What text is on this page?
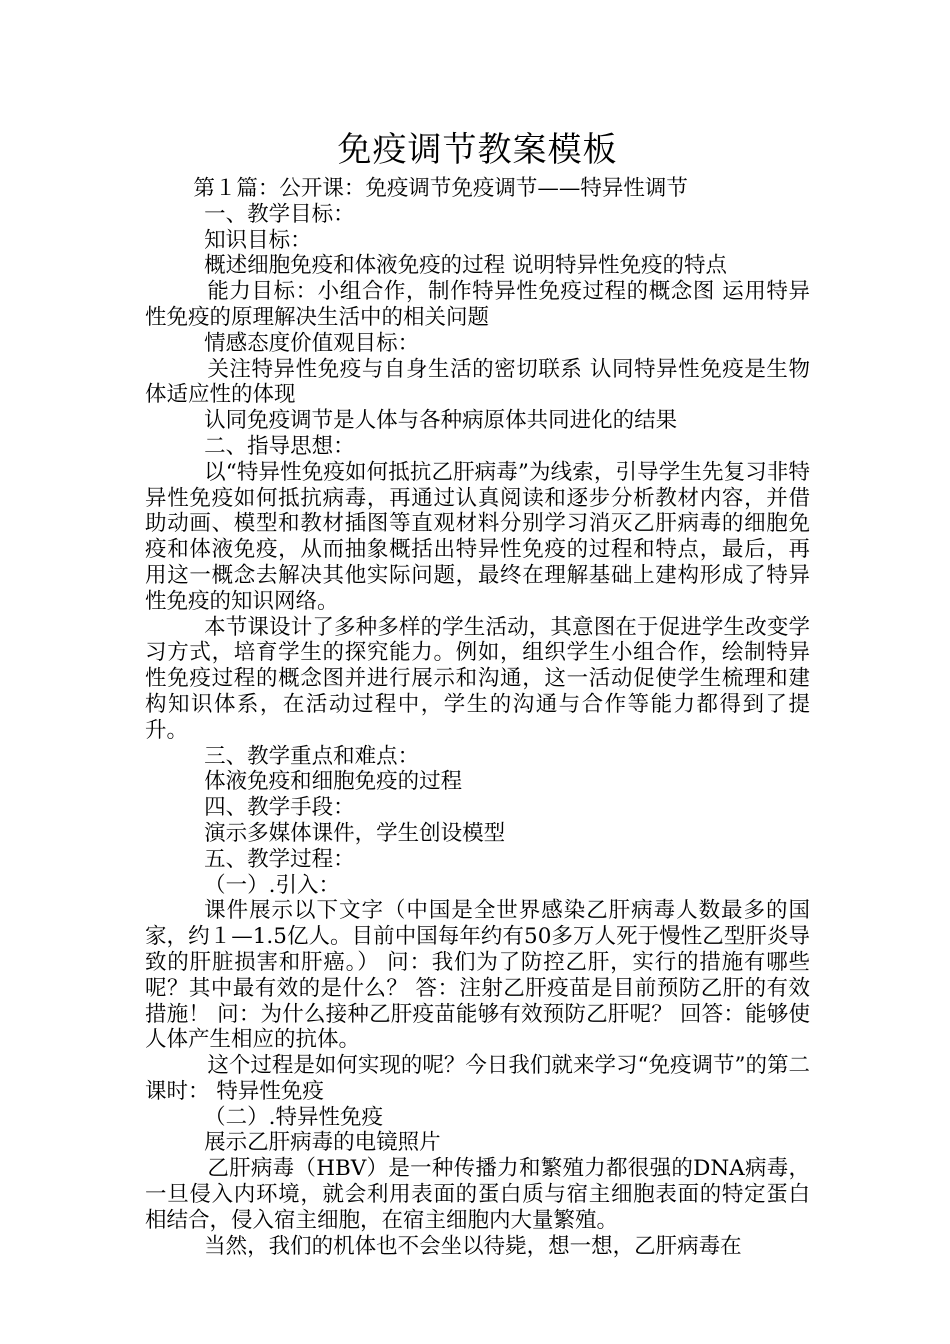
免疫调节教案模板

第１篇：公开课：免疫调节免疫调节——特异性调节

一、教学目标：

知识目标：

概述细胞免疫和体液免疫的过程 说明特异性免疫的特点

能力目标：小组合作，制作特异性免疫过程的概念图 运用特异性免疫的原理解决生活中的相关问题

情感态度价值观目标：

关注特异性免疫与自身生活的密切联系 认同特异性免疫是生物体适应性的体现

认同免疫调节是人体与各种病原体共同进化的结果

二、指导思想：

以“特异性免疫如何抵抗乙肝病毒”为线索，引导学生先复习非特异性免疫如何抵抗病毒，再通过认真阅读和逐步分析教材内容，并借助动画、模型和教材插图等直观材料分别学习消灭乙肝病毒的细胞免疫和体液免疫，从而抽象概括出特异性免疫的过程和特点，最后，再用这一概念去解决其他实际问题，最终在理解基础上建构形成了特异性免疫的知识网络。

本节课设计了多种多样的学生活动，其意图在于促进学生改变学习方式，培育学生的探究能力。例如，组织学生小组合作，绘制特异性免疫过程的概念图并进行展示和沟通，这一活动促使学生梳理和建构知识体系，在活动过程中，学生的沟通与合作等能力都得到了提升。

三、教学重点和难点：

体液免疫和细胞免疫的过程

四、教学手段：

演示多媒体课件，学生创设模型

五、教学过程：

（一）.引入：

课件展示以下文字（中国是全世界感染乙肝病毒人数最多的国家，约１—1.5亿人。目前中国每年约有50多万人死于慢性乙型肝炎导致的肝脏损害和肝癌。） 问：我们为了防控乙肝，实行的措施有哪些呢？其中最有效的是什么？ 答：注射乙肝疫苗是目前预防乙肝的有效措施！ 问：为什么接种乙肝疫苗能够有效预防乙肝呢？ 回答：能够使人体产生相应的抗体。

这个过程是如何实现的呢？今日我们就来学习“免疫调节”的第二课时： 特异性免疫

（二）.特异性免疫

展示乙肝病毒的电镜照片

乙肝病毒（HBV）是一种传播力和繁殖力都很强的DNA病毒，一旦侵入内环境，就会利用表面的蛋白质与宿主细胞表面的特定蛋白相结合，侵入宿主细胞，在宿主细胞内大量繁殖。

当然，我们的机体也不会坐以待毙，想一想，乙肝病毒在
